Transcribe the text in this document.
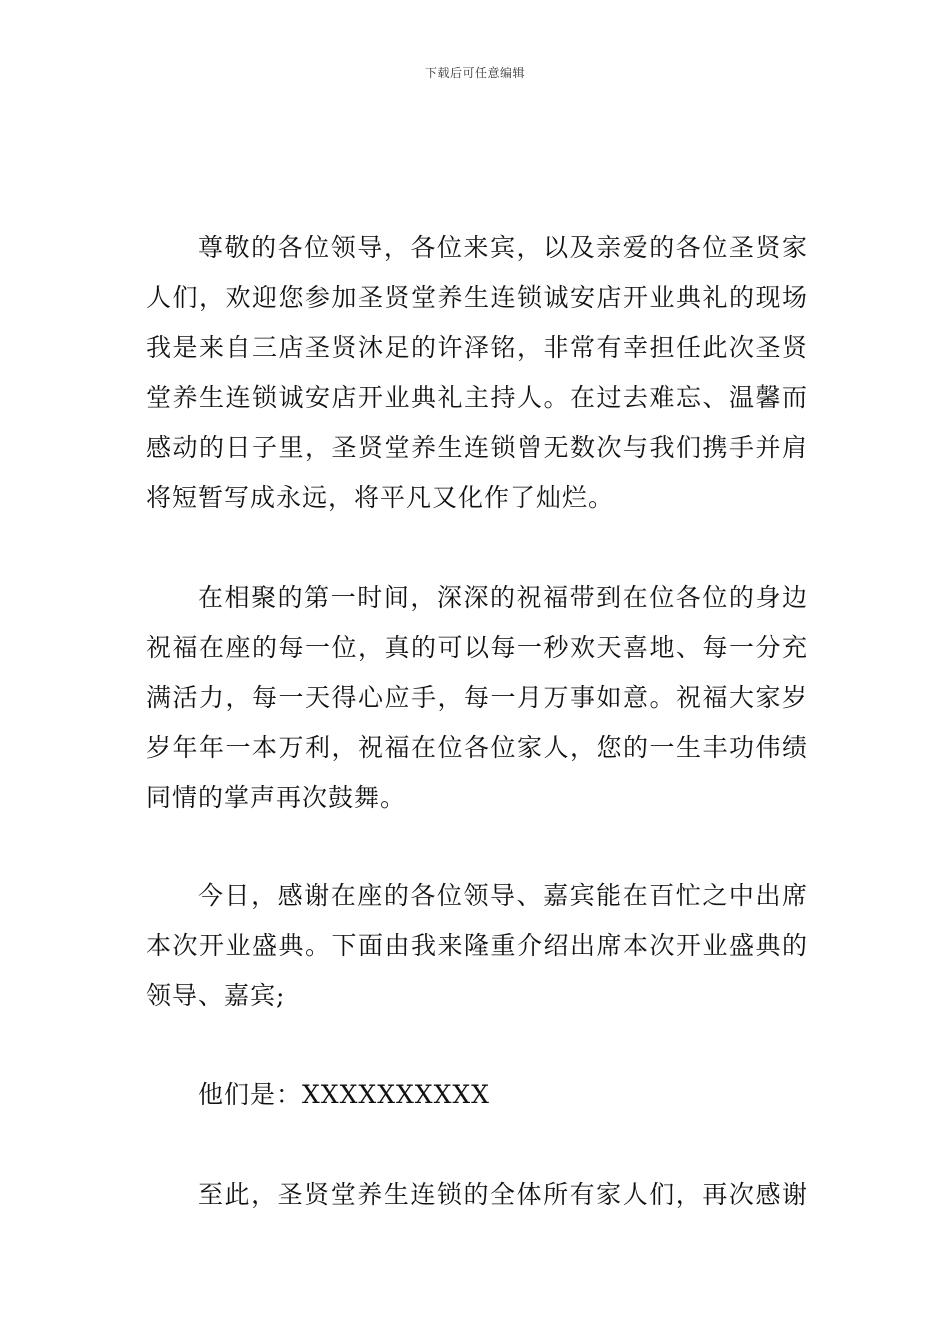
下载后可任意编辑
尊敬的各位领导，各位来宾，以及亲爱的各位圣贤家
人们，欢迎您参加圣贤堂养生连锁诚安店开业典礼的现场
我是来自三店圣贤沐足的许泽铭，非常有幸担任此次圣贤
堂养生连锁诚安店开业典礼主持人。在过去难忘、温馨而
感动的日子里，圣贤堂养生连锁曾无数次与我们携手并肩
将短暂写成永远，将平凡又化作了灿烂。
在相聚的第一时间，深深的祝福带到在位各位的身边
祝福在座的每一位，真的可以每一秒欢天喜地、每一分充
满活力，每一天得心应手，每一月万事如意。祝福大家岁
岁年年一本万利，祝福在位各位家人，您的一生丰功伟绩
同情的掌声再次鼓舞。
今日，感谢在座的各位领导、嘉宾能在百忙之中出席
本次开业盛典。下面由我来隆重介绍出席本次开业盛典的
领导、嘉宾;
他们是：XXXXXXXXXX
至此，圣贤堂养生连锁的全体所有家人们，再次感谢
